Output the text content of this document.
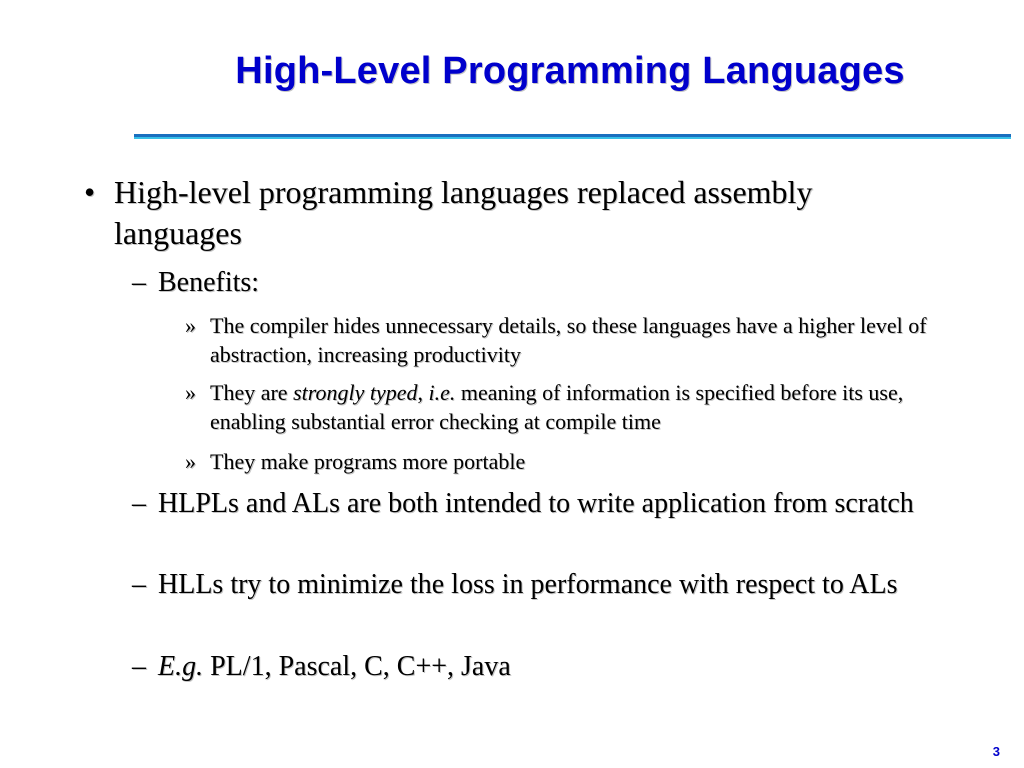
High-Level Programming Languages
• High-level programming languages replaced assembly languages
– Benefits:
» The compiler hides unnecessary details, so these languages have a higher level of abstraction, increasing productivity
» They are strongly typed, i.e. meaning of information is specified before its use, enabling substantial error checking at compile time
» They make programs more portable
– HLPLs and ALs are both intended to write application from scratch
– HLLs try to minimize the loss in performance with respect to ALs
– E.g. PL/1, Pascal, C, C++, Java
3
